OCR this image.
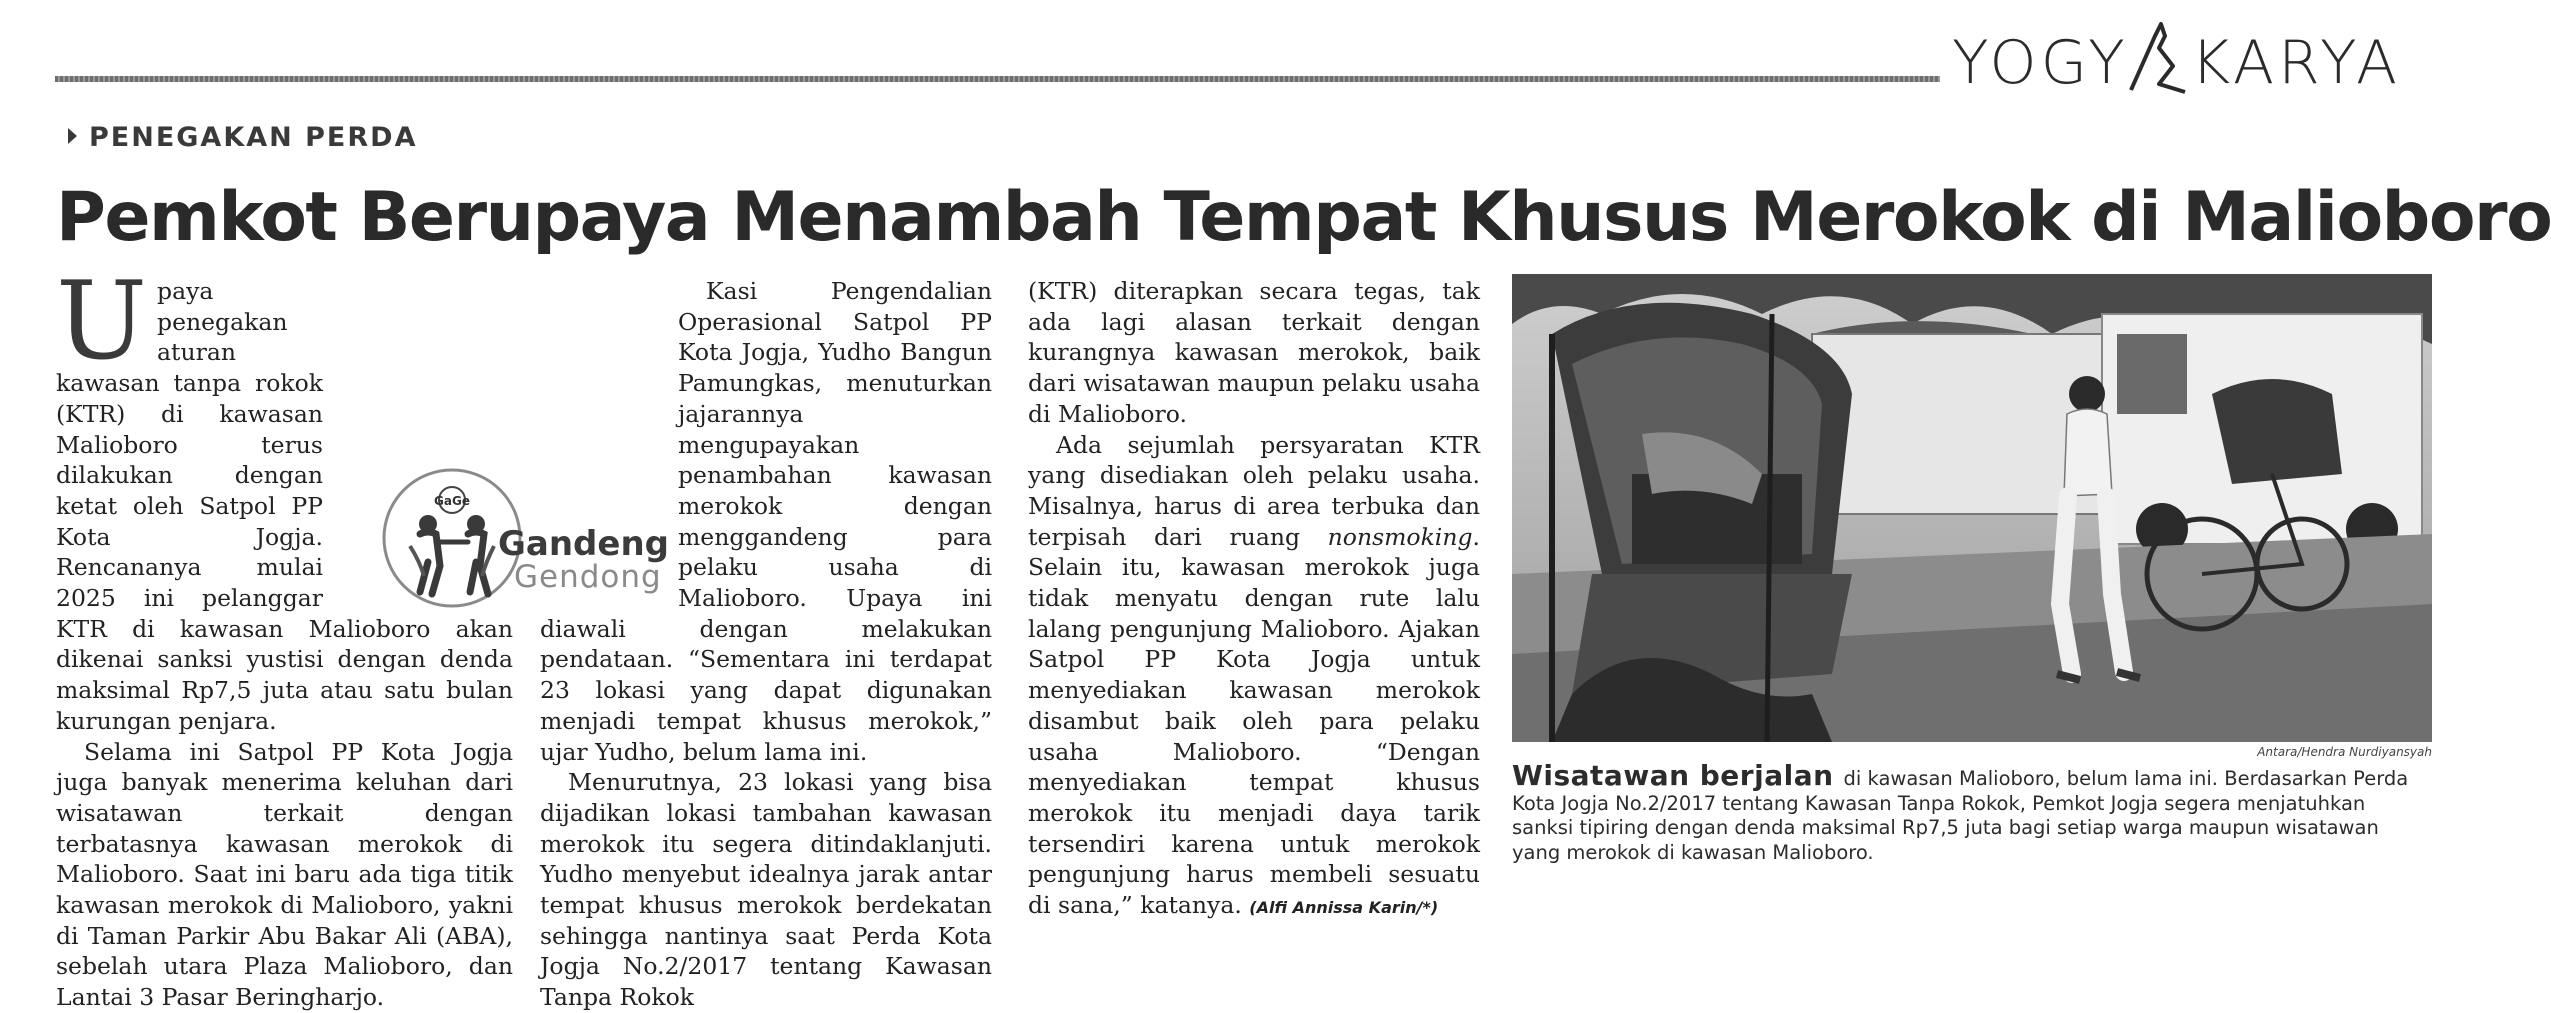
YOGY KARYA
PENEGAKAN PERDA
Pemkot Berupaya Menambah Tempat Khusus Merokok di Malioboro
U paya penegakan aturan kawasan tanpa rokok (KTR) di kawasan Malioboro terus dilakukan dengan ketat oleh Satpol PP Kota Jogja. Rencananya mulai 2025 ini pelanggar KTR di kawasan Malioboro akan dikenai sanksi yustisi dengan denda maksimal Rp7,5 juta atau satu bulan kurungan penjara.

Selama ini Satpol PP Kota Jogja juga banyak menerima keluhan dari wisatawan terkait dengan terbatasnya kawasan merokok di Malioboro. Saat ini baru ada tiga titik kawasan merokok di Malioboro, yakni di Taman Parkir Abu Bakar Ali (ABA), sebelah utara Plaza Malioboro, dan Lantai 3 Pasar Beringharjo.

Kasi Pengendalian Operasional Satpol PP Kota Jogja, Yudho Bangun Pamungkas, menuturkan jajarannya mengupayakan penambahan kawasan merokok dengan menggandeng para pelaku usaha di Malioboro. Upaya ini diawali dengan melakukan pendataan. “Sementara ini terdapat 23 lokasi yang dapat digunakan menjadi tempat khusus merokok,” ujar Yudho, belum lama ini.

Menurutnya, 23 lokasi yang bisa dijadikan lokasi tambahan kawasan merokok itu segera ditindaklanjuti. Yudho menyebut idealnya jarak antar tempat khusus merokok berdekatan sehingga nantinya saat Perda Kota Jogja No.2/2017 tentang Kawasan Tanpa Rokok

GaGe
Gandeng
Gendong

(KTR) diterapkan secara tegas, tak ada lagi alasan terkait dengan kurangnya kawasan merokok, baik dari wisatawan maupun pelaku usaha di Malioboro.

Ada sejumlah persyaratan KTR yang disediakan oleh pelaku usaha. Misalnya, harus di area terbuka dan terpisah dari ruang nonsmoking. Selain itu, kawasan merokok juga tidak menyatu dengan rute lalu lalang pengunjung Malioboro. Ajakan Satpol PP Kota Jogja untuk menyediakan kawasan merokok disambut baik oleh para pelaku usaha Malioboro. “Dengan menyediakan tempat khusus merokok itu menjadi daya tarik tersendiri karena untuk merokok pengunjung harus membeli sesuatu di sana,” katanya. (Alfi Annissa Karin/*)

Antara/Hendra Nurdiyansyah
Wisatawan berjalan di kawasan Malioboro, belum lama ini. Berdasarkan Perda Kota Jogja No.2/2017 tentang Kawasan Tanpa Rokok, Pemkot Jogja segera menjatuhkan sanksi tipiring dengan denda maksimal Rp7,5 juta bagi setiap warga maupun wisatawan yang merokok di kawasan Malioboro.
